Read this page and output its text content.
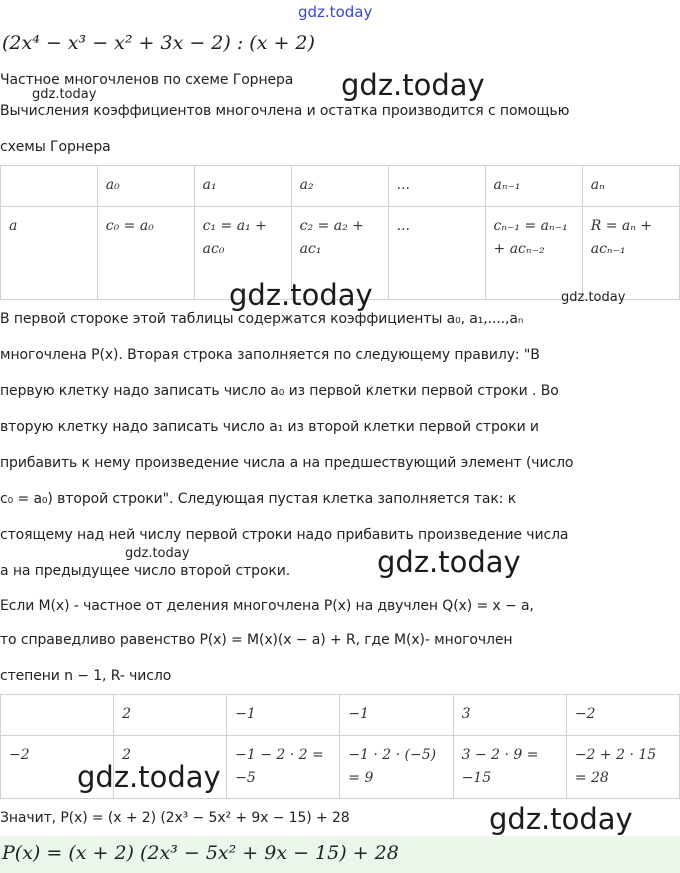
gdz.today
(2x⁴ − x³ − x² + 3x − 2) : (x + 2)
Частное многочленов по схеме Горнера gdz.today
gdz.today
Вычисления коэффициентов многочлена и остатка производится с помощью
схемы Горнера
	a₀	a₁	a₂	...	aₙ₋₁	aₙ
a	c₀ = a₀	c₁ = a₁ + ac₀	c₂ = a₂ + ac₁	...	cₙ₋₁ = aₙ₋₁ + acₙ₋₂	R = aₙ + acₙ₋₁
gdz.today	gdz.today
В первой стороке этой таблицы содержатся коэффициенты a₀, a₁,....,aₙ
многочлена P(x). Вторая строка заполняется по следующему правилу: "В
первую клетку надо записать число a₀ из первой клетки первой строки . Во
вторую клетку надо записать число a₁ из второй клетки первой строки и
прибавить к нему произведение числа a на предшествующий элемент (число
c₀ = a₀) второй строки". Следующая пустая клетка заполняется так: к
стоящему над ней числу первой строки надо прибавить произведение числа
gdz.today
a на предыдущее число второй строки.	gdz.today
Если M(x) - частное от деления многочлена P(x) на двучлен Q(x) = x − a,
то справедливо равенство P(x) = M(x)(x − a) + R, где M(x)- многочлен
степени n − 1, R- число
	2	−1	−1	3	−2
−2	2	−1 − 2 · 2 = −5	−1 · 2 · (−5) = 9	3 − 2 · 9 = −15	−2 + 2 · 15 = 28
gdz.today
Значит, P(x) = (x + 2) (2x³ − 5x² + 9x − 15) + 28	gdz.today
P(x) = (x + 2) (2x³ − 5x² + 9x − 15) + 28
